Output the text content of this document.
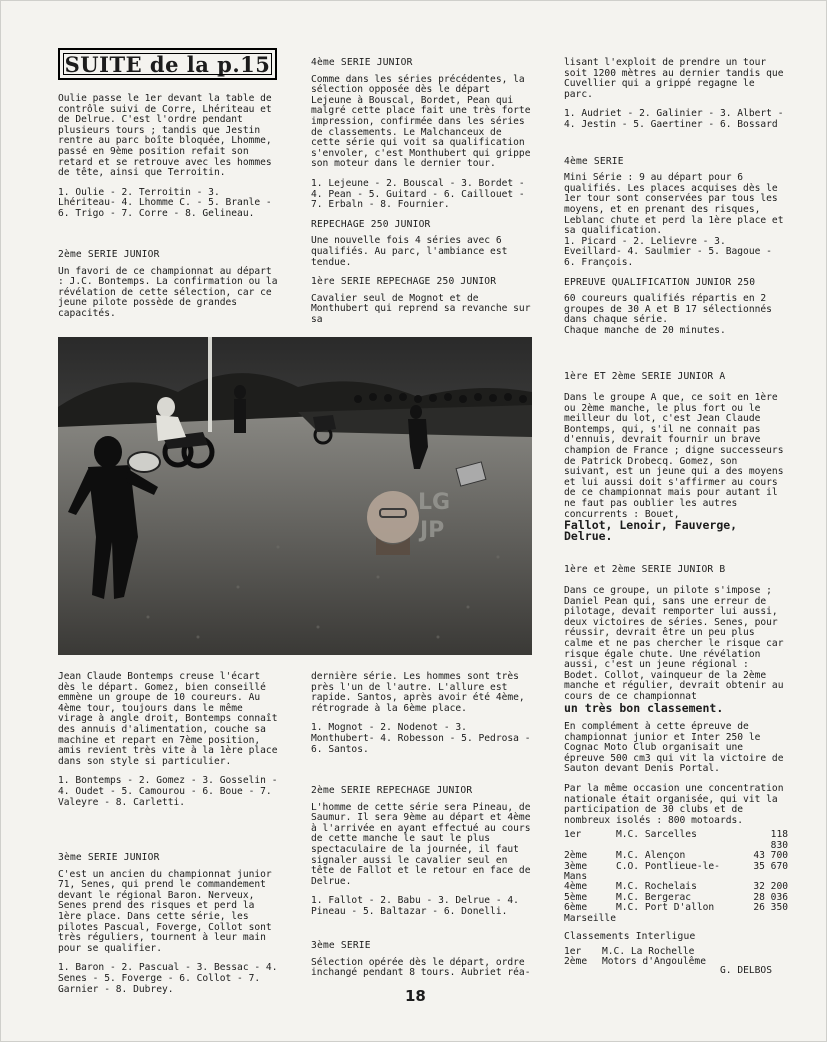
SUITE de la p.15

Oulie passe le 1er devant la table de contrôle suivi de Corre, Lhériteau et de Delrue. C'est l'ordre pendant plusieurs tours ; tandis que Jestin rentre au parc boîte bloquée, Lhomme, passé en 9ème position refait son retard et se retrouve avec les hommes de tête, ainsi que Terroitin.

1. Oulie - 2. Terroitin - 3. Lhériteau- 4. Lhomme C. - 5. Branle - 6. Trigo - 7. Corre - 8. Gelineau.

2ème SERIE JUNIOR

Un favori de ce championnat au départ : J.C. Bontemps. La confirmation ou la révélation de cette sélection, car ce jeune pilote possède de grandes capacités.

4ème SERIE JUNIOR

Comme dans les séries précédentes, la sélection opposée dès le départ Lejeune à Bouscal, Bordet, Pean qui malgré cette place fait une très forte impression, confirmée dans les séries de classements. Le Malchanceux de cette série qui voit sa qualification s'envoler, c'est Monthubert qui grippe son moteur dans le dernier tour.

1. Lejeune - 2. Bouscal - 3. Bordet - 4. Pean - 5. Guitard - 6. Caillouet - 7. Erbaln - 8. Fournier.

REPECHAGE 250 JUNIOR

Une nouvelle fois 4 séries avec 6 qualifiés. Au parc, l'ambiance est tendue.

1ère SERIE REPECHAGE 250 JUNIOR

Cavalier seul de Mognot et de Monthubert qui reprend sa revanche sur sa

LG
JP

Jean Claude Bontemps creuse l'écart dès le départ. Gomez, bien conseillé emmène un groupe de 10 coureurs. Au 4ème tour, toujours dans le même virage à angle droit, Bontemps connaît des annuis d'alimentation, couche sa machine et repart en 7ème position, amis revient très vite à la 1ère place dans son style si particulier.

1. Bontemps - 2. Gomez - 3. Gosselin - 4. Oudet - 5. Camourou - 6. Boue - 7. Valeyre - 8. Carletti.

3ème SERIE JUNIOR

C'est un ancien du championnat junior 71, Senes, qui prend le commandement devant le régional Baron. Nerveux, Senes prend des risques et perd la 1ère place. Dans cette série, les pilotes Pascual, Foverge, Collot sont très réguliers, tournent à leur main pour se qualifier.

1. Baron - 2. Pascual - 3. Bessac - 4. Senes - 5. Foverge - 6. Collot - 7. Garnier - 8. Dubrey.

dernière série. Les hommes sont très près l'un de l'autre. L'allure est rapide. Santos, après avoir été 4ème, rétrograde à la 6ème place.

1. Mognot - 2. Nodenot - 3. Monthubert- 4. Robesson - 5. Pedrosa - 6. Santos.

2ème SERIE REPECHAGE JUNIOR

L'homme de cette série sera Pineau, de Saumur. Il sera 9ème au départ et 4ème à l'arrivée en ayant effectué au cours de cette manche le saut le plus spectaculaire de la journée, il faut signaler aussi le cavalier seul en tête de Fallot et le retour en face de Delrue.

1. Fallot - 2. Babu - 3. Delrue - 4. Pineau - 5. Baltazar - 6. Donelli.

3ème SERIE

Sélection opérée dès le départ, ordre inchangé pendant 8 tours. Aubriet réa-

lisant l'exploit de prendre un tour soit 1200 mètres au dernier tandis que Cuvellier qui a grippé regagne le parc.

1. Audriet - 2. Galinier - 3. Albert - 4. Jestin - 5. Gaertiner - 6. Bossard

4ème SERIE

Mini Série : 9 au départ pour 6 qualifiés. Les places acquises dès le 1er tour sont conservées par tous les moyens, et en prenant des risques, Leblanc chute et perd la 1ère place et sa qualification.

1. Picard - 2. Lelievre - 3. Eveillard- 4. Saulmier - 5. Bagoue - 6. François.

EPREUVE QUALIFICATION JUNIOR 250

60 coureurs qualifiés répartis en 2 groupes de 30 A et B 17 sélectionnés dans chaque série.

Chaque manche de 20 minutes.

1ère ET 2ème SERIE JUNIOR A

Dans le groupe A que, ce soit en 1ère ou 2ème manche, le plus fort ou le meilleur du lot, c'est Jean Claude Bontemps, qui, s'il ne connait pas d'ennuis, devrait fournir un brave champion de France ; digne successeurs de Patrick Drobecq. Gomez, son suivant, est un jeune qui a des moyens et lui aussi doit s'affirmer au cours de ce championnat mais pour autant il ne faut pas oublier les autres concurrents : Bouet,

Fallot, Lenoir, Fauverge, Delrue.

1ère et 2ème SERIE JUNIOR B

Dans ce groupe, un pilote s'impose ; Daniel Pean qui, sans une erreur de pilotage, devait remporter lui aussi, deux victoires de séries. Senes, pour réussir, devrait être un peu plus calme et ne pas chercher le risque car risque égale chute. Une révélation aussi, c'est un jeune régional : Bodet. Collot, vainqueur de la 2ème manche et régulier, devrait obtenir au cours de ce championnat

un très bon classement.

En complément à cette épreuve de championnat junior et Inter 250 le Cognac Moto Club organisait une épreuve 500 cm3 qui vit la victoire de Sauton devant Denis Portal.

Par la même occasion une concentration nationale était organisée, qui vit la participation de 30 clubs et de nombreux isolés : 800 motoards.

1er	M.C. Sarcelles	118 830
2ème	M.C. Alençon	43 700
3ème	C.O. Pontlieue-le-	35 670
Mans		
4ème	M.C. Rochelais	32 200
5ème	M.C. Bergerac	28 036
6ème	M.C. Port D'allon	26 350
Marseille		
Classements Interligue
1er	M.C. La Rochelle
2ème	Motors d'Angoulême
G. DELBOS
18
